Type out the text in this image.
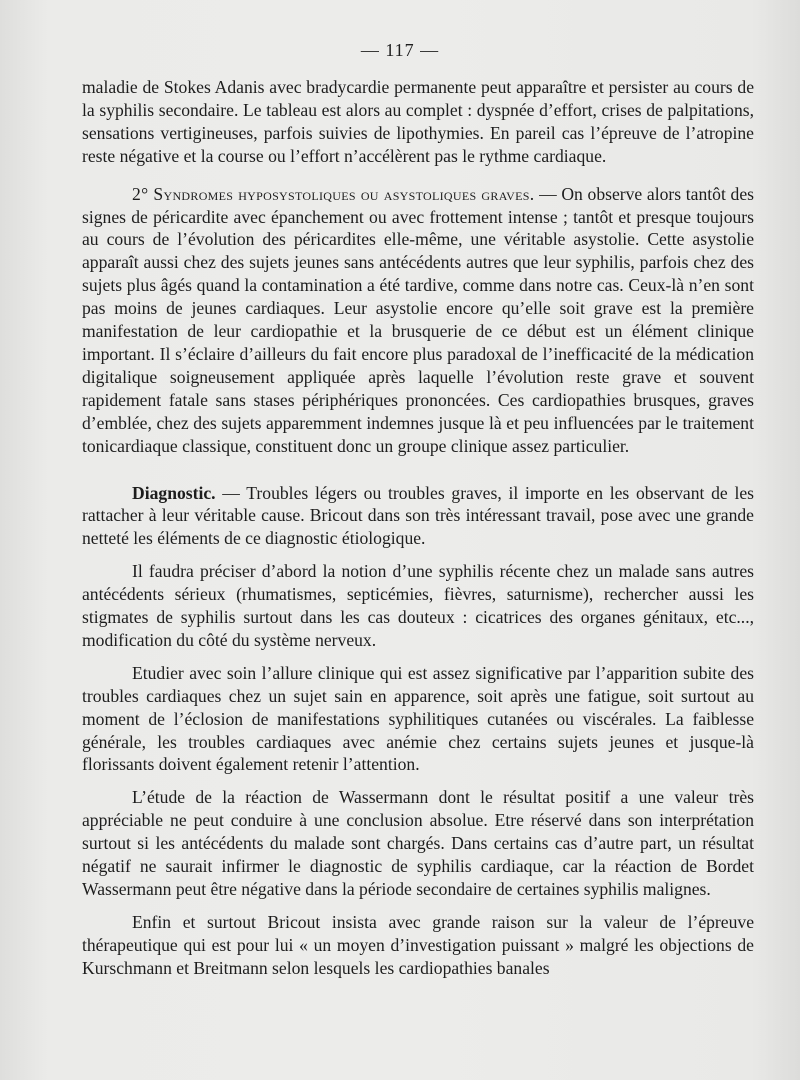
— 117 —

maladie de Stokes Adanis avec bradycardie permanente peut apparaître et persister au cours de la syphilis secondaire. Le tableau est alors au complet : dyspnée d’effort, crises de palpitations, sensations vertigineuses, parfois suivies de lipothymies. En pareil cas l’épreuve de l’atropine reste négative et la course ou l’effort n’accélèrent pas le rythme cardiaque.

2° Syndromes hyposystoliques ou asystoliques graves. — On observe alors tantôt des signes de péricardite avec épanchement ou avec frottement intense ; tantôt et presque toujours au cours de l’évolution des péricardites elle-même, une véritable asystolie. Cette asystolie apparaît aussi chez des sujets jeunes sans antécédents autres que leur syphilis, parfois chez des sujets plus âgés quand la contamination a été tardive, comme dans notre cas. Ceux-là n’en sont pas moins de jeunes cardiaques. Leur asystolie encore qu’elle soit grave est la première manifestation de leur cardiopathie et la brusquerie de ce début est un élément clinique important. Il s’éclaire d’ailleurs du fait encore plus paradoxal de l’inefficacité de la médication digitalique soigneusement appliquée après laquelle l’évolution reste grave et souvent rapidement fatale sans stases périphériques prononcées. Ces cardiopathies brusques, graves d’emblée, chez des sujets apparemment indemnes jusque là et peu influencées par le traitement tonicardiaque classique, constituent donc un groupe clinique assez particulier.

Diagnostic. — Troubles légers ou troubles graves, il importe en les observant de les rattacher à leur véritable cause. Bricout dans son très intéressant travail, pose avec une grande netteté les éléments de ce diagnostic étiologique.

Il faudra préciser d’abord la notion d’une syphilis récente chez un malade sans autres antécédents sérieux (rhumatismes, septicémies, fièvres, saturnisme), rechercher aussi les stigmates de syphilis surtout dans les cas douteux : cicatrices des organes génitaux, etc..., modification du côté du système nerveux.

Etudier avec soin l’allure clinique qui est assez significative par l’apparition subite des troubles cardiaques chez un sujet sain en apparence, soit après une fatigue, soit surtout au moment de l’éclosion de manifestations syphilitiques cutanées ou viscérales. La faiblesse générale, les troubles cardiaques avec anémie chez certains sujets jeunes et jusque-là florissants doivent également retenir l’attention.

L’étude de la réaction de Wassermann dont le résultat positif a une valeur très appréciable ne peut conduire à une conclusion absolue. Etre réservé dans son interprétation surtout si les antécédents du malade sont chargés. Dans certains cas d’autre part, un résultat négatif ne saurait infirmer le diagnostic de syphilis cardiaque, car la réaction de Bordet Wassermann peut être négative dans la période secondaire de certaines syphilis malignes.

Enfin et surtout Bricout insista avec grande raison sur la valeur de l’épreuve thérapeutique qui est pour lui « un moyen d’investigation puissant » malgré les objections de Kurschmann et Breitmann selon lesquels les cardiopathies banales
